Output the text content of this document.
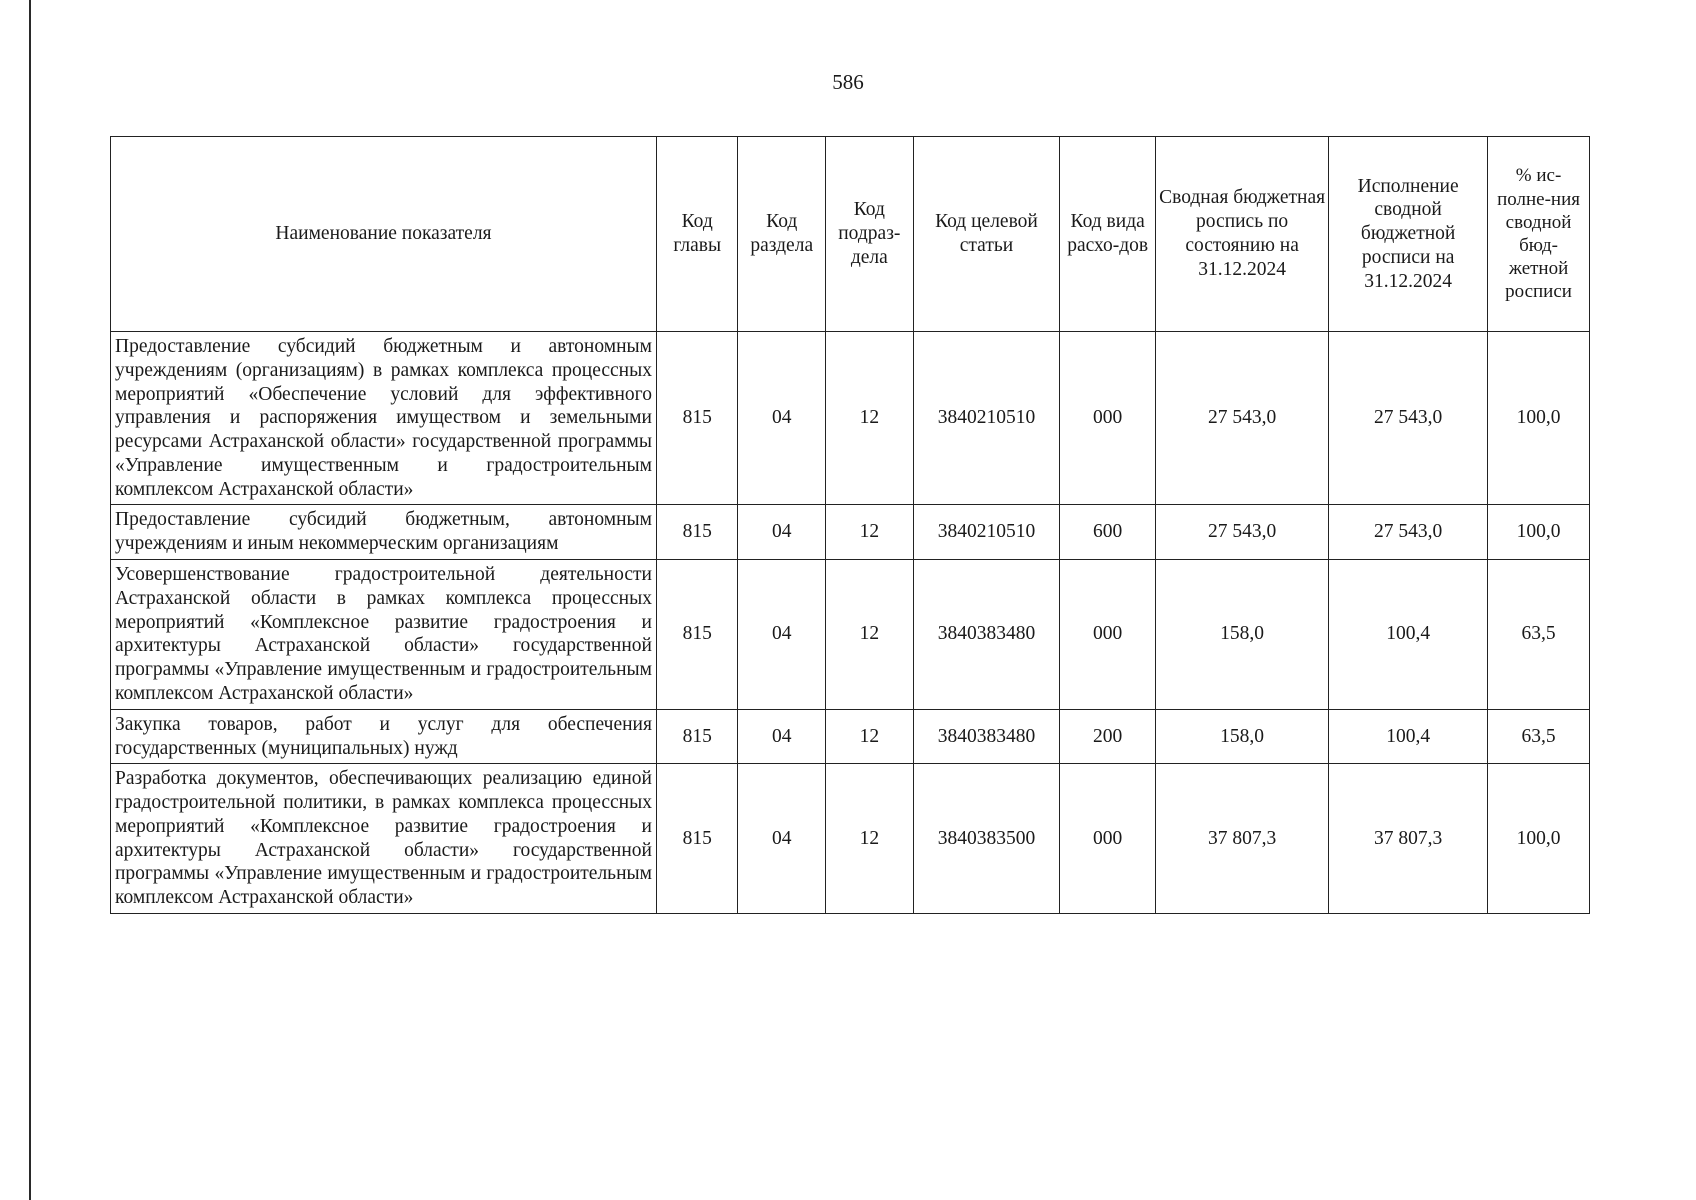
586
Наименование показателя	Код главы	Код раздела	Код подраз-дела	Код целевой статьи	Код вида расхо-дов	Сводная бюджетная роспись по состоянию на 31.12.2024	Исполнение сводной бюджетной росписи на 31.12.2024	% ис-полне-ния сводной бюд-жетной росписи
Предоставление субсидий бюджетным и автономным учреждениям (организациям) в рамках комплекса процессных мероприятий «Обеспечение условий для эффективного управления и распоряжения имуществом и земельными ресурсами Астраханской области» государственной программы «Управление имущественным и градостроительным комплексом Астраханской области»	815	04	12	3840210510	000	27 543,0	27 543,0	100,0
Предоставление субсидий бюджетным, автономным учреждениям и иным некоммерческим организациям	815	04	12	3840210510	600	27 543,0	27 543,0	100,0
Усовершенствование градостроительной деятельности Астраханской области в рамках комплекса процессных мероприятий «Комплексное развитие градостроения и архитектуры Астраханской области» государственной программы «Управление имущественным и градостроительным комплексом Астраханской области»	815	04	12	3840383480	000	158,0	100,4	63,5
Закупка товаров, работ и услуг для обеспечения государственных (муниципальных) нужд	815	04	12	3840383480	200	158,0	100,4	63,5
Разработка документов, обеспечивающих реализацию единой градостроительной политики, в рамках комплекса процессных мероприятий «Комплексное развитие градостроения и архитектуры Астраханской области» государственной программы «Управление имущественным и градостроительным комплексом Астраханской области»	815	04	12	3840383500	000	37 807,3	37 807,3	100,0
